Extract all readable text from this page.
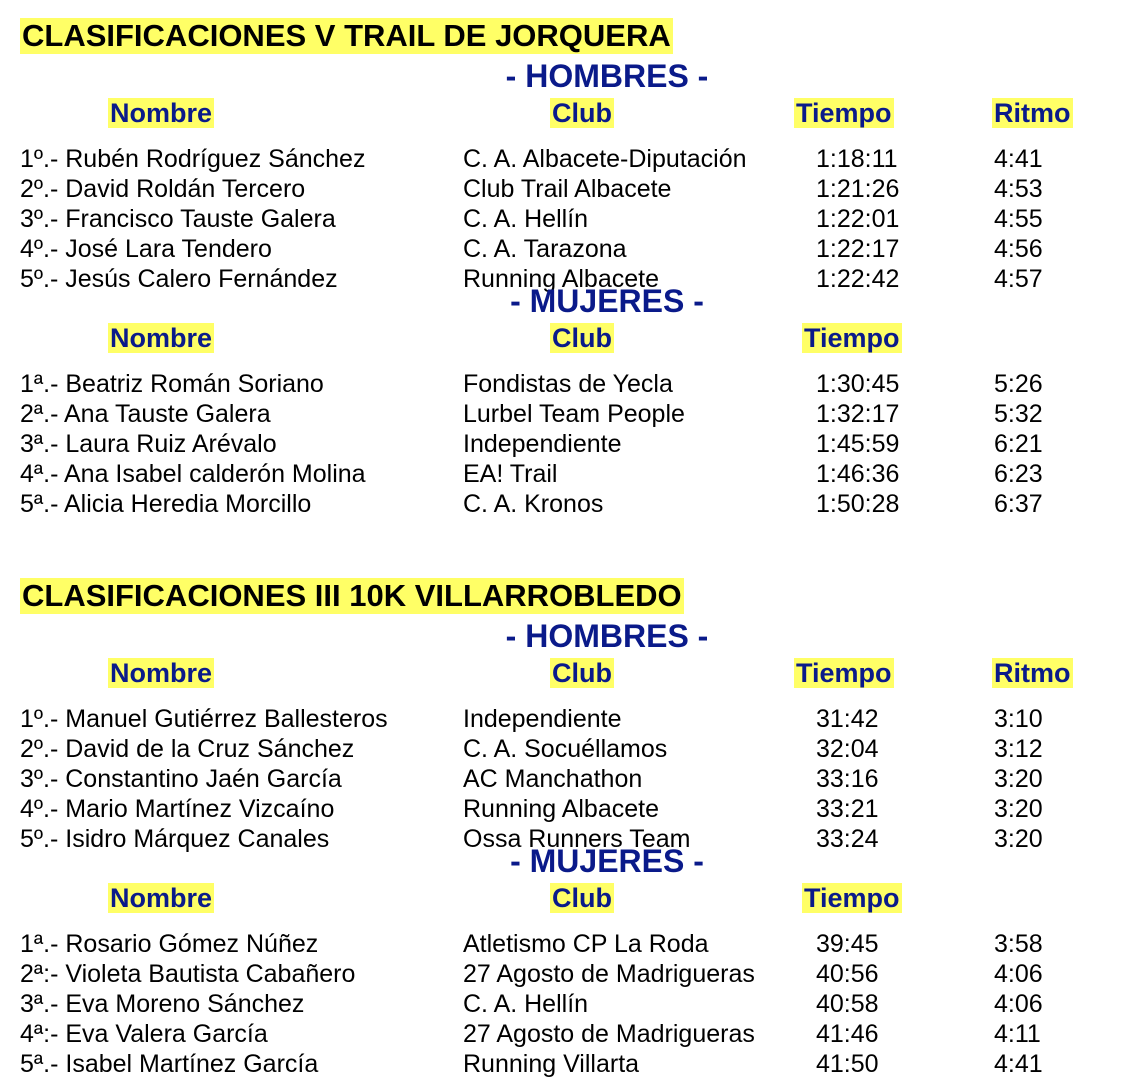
CLASIFICACIONES V TRAIL DE JORQUERA
- HOMBRES -
Nombre	Club	Tiempo	Ritmo
1º.- Rubén Rodríguez Sánchez	C. A. Albacete-Diputación	1:18:11	4:41
2º.- David Roldán Tercero	Club Trail Albacete	1:21:26	4:53
3º.- Francisco Tauste Galera	C. A. Hellín	1:22:01	4:55
4º.- José Lara Tendero	C. A. Tarazona	1:22:17	4:56
5º.- Jesús Calero Fernández	Running Albacete	1:22:42	4:57
- MUJERES -
Nombre	Club	Tiempo
1ª.- Beatriz Román Soriano	Fondistas de Yecla	1:30:45	5:26
2ª.- Ana Tauste Galera	Lurbel Team People	1:32:17	5:32
3ª.- Laura Ruiz Arévalo	Independiente	1:45:59	6:21
4ª.- Ana Isabel calderón Molina	EA! Trail	1:46:36	6:23
5ª.- Alicia Heredia Morcillo	C. A. Kronos	1:50:28	6:37
CLASIFICACIONES III 10K VILLARROBLEDO
- HOMBRES -
Nombre	Club	Tiempo	Ritmo
1º.- Manuel Gutiérrez Ballesteros	Independiente	31:42	3:10
2º.- David de la Cruz Sánchez	C. A. Socuéllamos	32:04	3:12
3º.- Constantino Jaén García	AC Manchathon	33:16	3:20
4º.- Mario Martínez Vizcaíno	Running Albacete	33:21	3:20
5º.- Isidro Márquez Canales	Ossa Runners Team	33:24	3:20
- MUJERES -
Nombre	Club	Tiempo
1ª.- Rosario Gómez Núñez	Atletismo CP La Roda	39:45	3:58
2ª:- Violeta Bautista Cabañero	27 Agosto de Madrigueras 40:56	4:06
3ª.- Eva Moreno Sánchez	C. A. Hellín	40:58	4:06
4ª:- Eva Valera García	27 Agosto de Madrigueras 41:46	4:11
5ª.- Isabel Martínez García	Running Villarta	41:50	4:41
